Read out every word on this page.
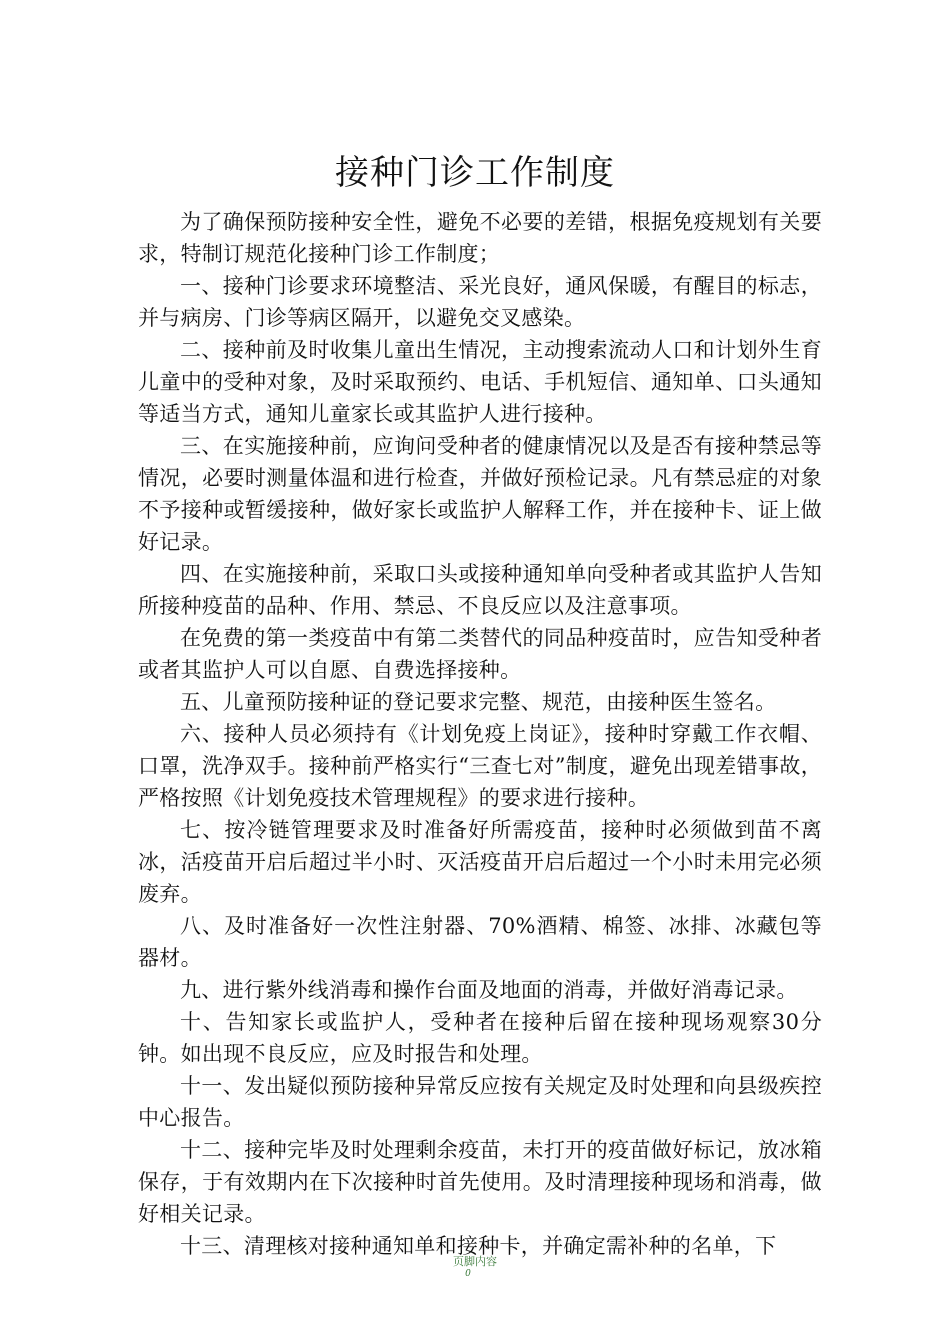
接种门诊工作制度

为了确保预防接种安全性，避免不必要的差错，根据免疫规划有关要求，特制订规范化接种门诊工作制度；

一、接种门诊要求环境整洁、采光良好，通风保暖，有醒目的标志，并与病房、门诊等病区隔开，以避免交叉感染。

二、接种前及时收集儿童出生情况，主动搜索流动人口和计划外生育儿童中的受种对象，及时采取预约、电话、手机短信、通知单、口头通知等适当方式，通知儿童家长或其监护人进行接种。

三、在实施接种前，应询问受种者的健康情况以及是否有接种禁忌等情况，必要时测量体温和进行检查，并做好预检记录。凡有禁忌症的对象不予接种或暂缓接种，做好家长或监护人解释工作，并在接种卡、证上做好记录。

四、在实施接种前，采取口头或接种通知单向受种者或其监护人告知所接种疫苗的品种、作用、禁忌、不良反应以及注意事项。

在免费的第一类疫苗中有第二类替代的同品种疫苗时，应告知受种者或者其监护人可以自愿、自费选择接种。

五、儿童预防接种证的登记要求完整、规范，由接种医生签名。

六、接种人员必须持有《计划免疫上岗证》，接种时穿戴工作衣帽、口罩，洗净双手。接种前严格实行“三查七对”制度，避免出现差错事故，严格按照《计划免疫技术管理规程》的要求进行接种。

七、按冷链管理要求及时准备好所需疫苗，接种时必须做到苗不离冰，活疫苗开启后超过半小时、灭活疫苗开启后超过一个小时未用完必须废弃。

八、及时准备好一次性注射器、70%酒精、棉签、冰排、冰藏包等器材。

九、进行紫外线消毒和操作台面及地面的消毒，并做好消毒记录。

十、告知家长或监护人，受种者在接种后留在接种现场观察30分钟。如出现不良反应，应及时报告和处理。

十一、发出疑似预防接种异常反应按有关规定及时处理和向县级疾控中心报告。

十二、接种完毕及时处理剩余疫苗，未打开的疫苗做好标记，放冰箱保存，于有效期内在下次接种时首先使用。及时清理接种现场和消毒，做好相关记录。

十三、清理核对接种通知单和接种卡，并确定需补种的名单，下

页脚内容
0
